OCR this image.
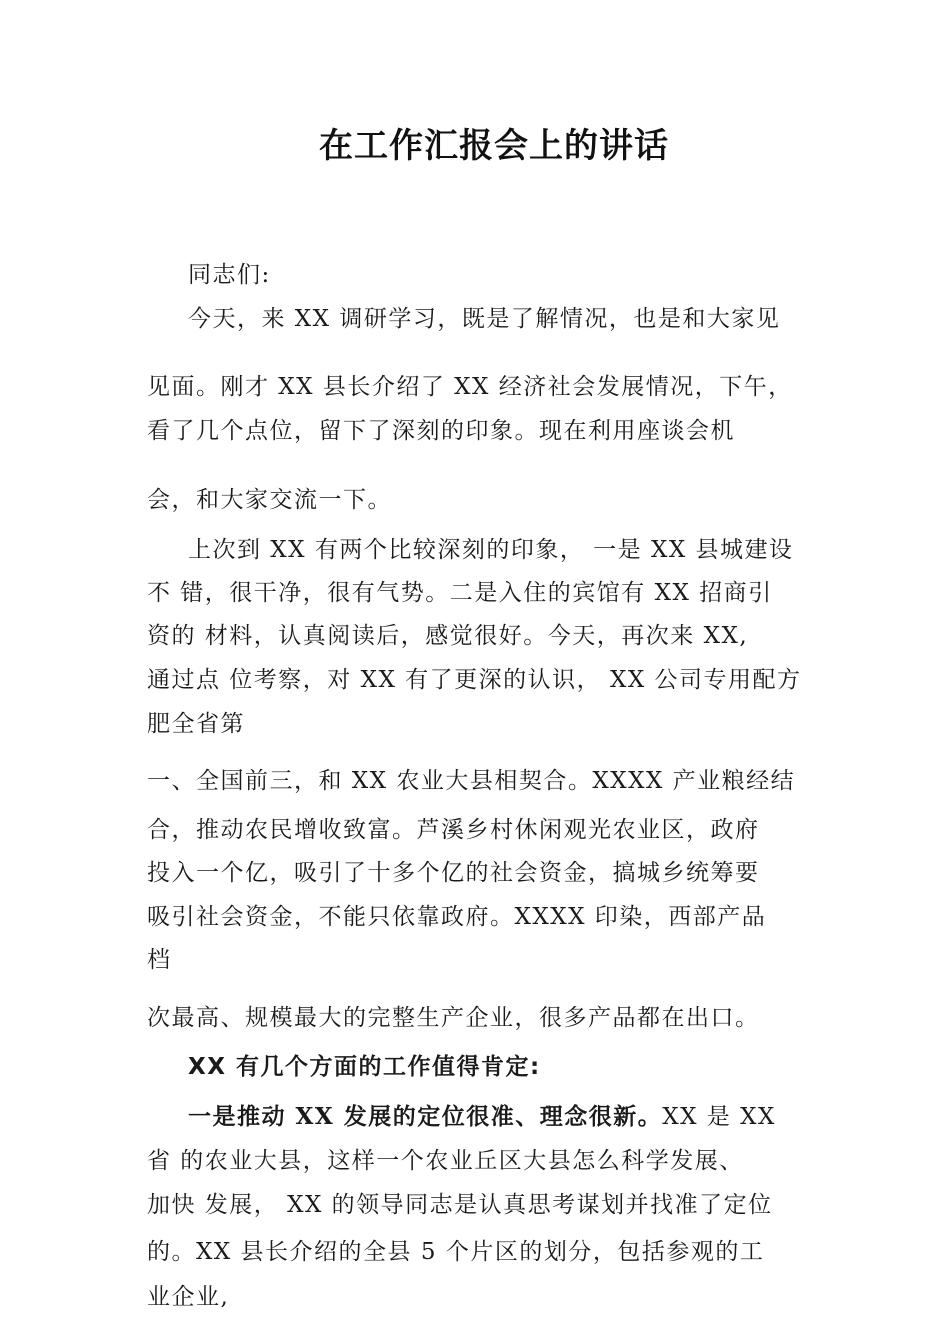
在工作汇报会上的讲话
同志们:
今天，来 XX 调研学习，既是了解情况，也是和大家见
见面。刚才 XX 县长介绍了 XX 经济社会发展情况，下午，
看了几个点位，留下了深刻的印象。现在利用座谈会机
会，和大家交流一下。
上次到 XX 有两个比较深刻的印象， 一是 XX 县城建设
不 错，很干净，很有气势。二是入住的宾馆有 XX 招商引
资的 材料，认真阅读后，感觉很好。今天，再次来 XX,
通过点 位考察，对 XX 有了更深的认识， XX 公司专用配方
肥全省第
一、全国前三，和 XX 农业大县相契合。XXXX 产业粮经结
合，推动农民增收致富。芦溪乡村休闲观光农业区，政府
投入一个亿，吸引了十多个亿的社会资金，搞城乡统筹要
吸引社会资金，不能只依靠政府。XXXX 印染，西部产品
档
次最高、规模最大的完整生产企业，很多产品都在出口。
XX 有几个方面的工作值得肯定:
一是推动 XX 发展的定位很准、理念很新。XX 是 XX
省 的农业大县，这样一个农业丘区大县怎么科学发展、
加快 发展， XX 的领导同志是认真思考谋划并找准了定位
的。XX 县长介绍的全县 5 个片区的划分，包括参观的工
业企业,
